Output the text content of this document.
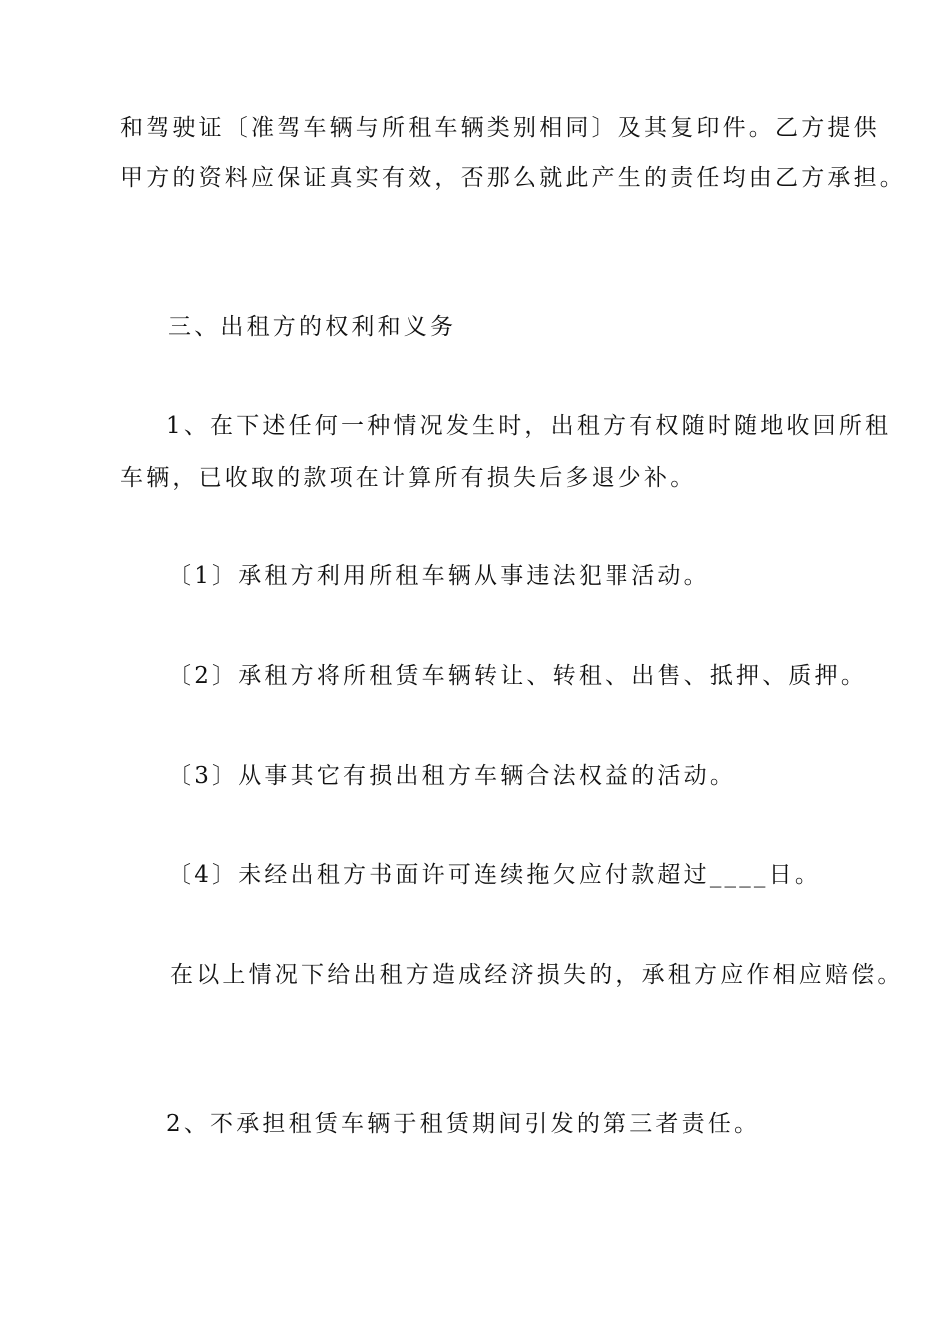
和驾驶证〔准驾车辆与所租车辆类别相同〕及其复印件。乙方提供
甲方的资料应保证真实有效，否那么就此产生的责任均由乙方承担。
三、出租方的权利和义务
1、在下述任何一种情况发生时，出租方有权随时随地收回所租
车辆，已收取的款项在计算所有损失后多退少补。
〔1〕承租方利用所租车辆从事违法犯罪活动。
〔2〕承租方将所租赁车辆转让、转租、出售、抵押、质押。
〔3〕从事其它有损出租方车辆合法权益的活动。
〔4〕未经出租方书面许可连续拖欠应付款超过____日。
在以上情况下给出租方造成经济损失的，承租方应作相应赔偿。
2、不承担租赁车辆于租赁期间引发的第三者责任。
